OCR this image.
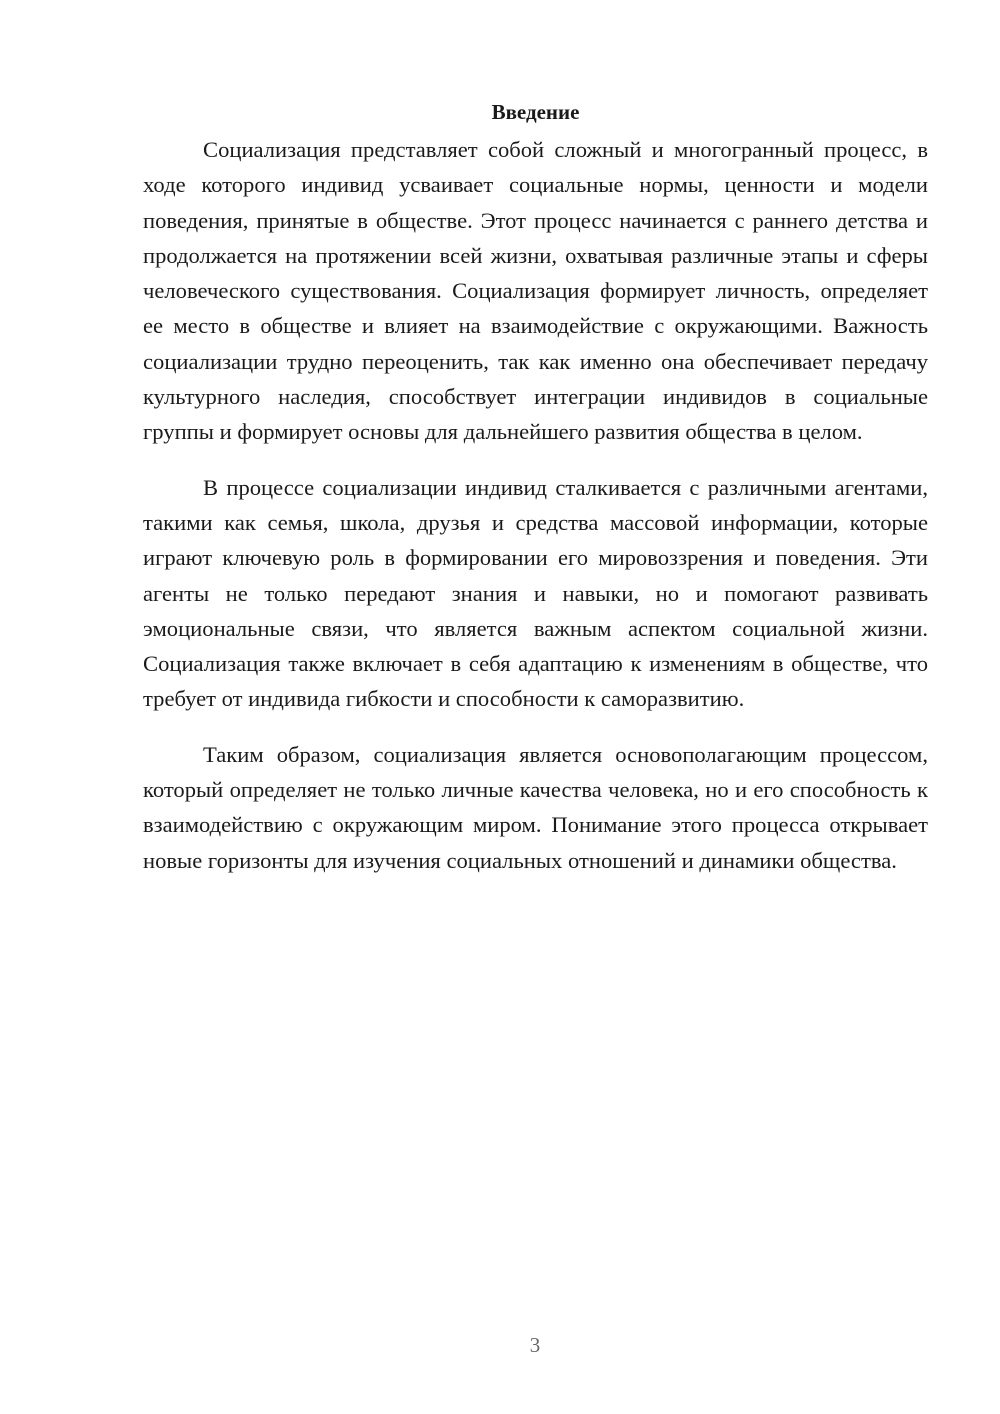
Введение

Социализация представляет собой сложный и многогранный процесс, в ходе которого индивид усваивает социальные нормы, ценности и модели поведения, принятые в обществе. Этот процесс начинается с раннего детства и продолжается на протяжении всей жизни, охватывая различные этапы и сферы человеческого существования. Социализация формирует личность, определяет ее место в обществе и влияет на взаимодействие с окружающими. Важность социализации трудно переоценить, так как именно она обеспечивает передачу культурного наследия, способствует интеграции индивидов в социальные группы и формирует основы для дальнейшего развития общества в целом.

В процессе социализации индивид сталкивается с различными агентами, такими как семья, школа, друзья и средства массовой информации, которые играют ключевую роль в формировании его мировоззрения и поведения. Эти агенты не только передают знания и навыки, но и помогают развивать эмоциональные связи, что является важным аспектом социальной жизни. Социализация также включает в себя адаптацию к изменениям в обществе, что требует от индивида гибкости и способности к саморазвитию.

Таким образом, социализация является основополагающим процессом, который определяет не только личные качества человека, но и его способность к взаимодействию с окружающим миром. Понимание этого процесса открывает новые горизонты для изучения социальных отношений и динамики общества.

3
